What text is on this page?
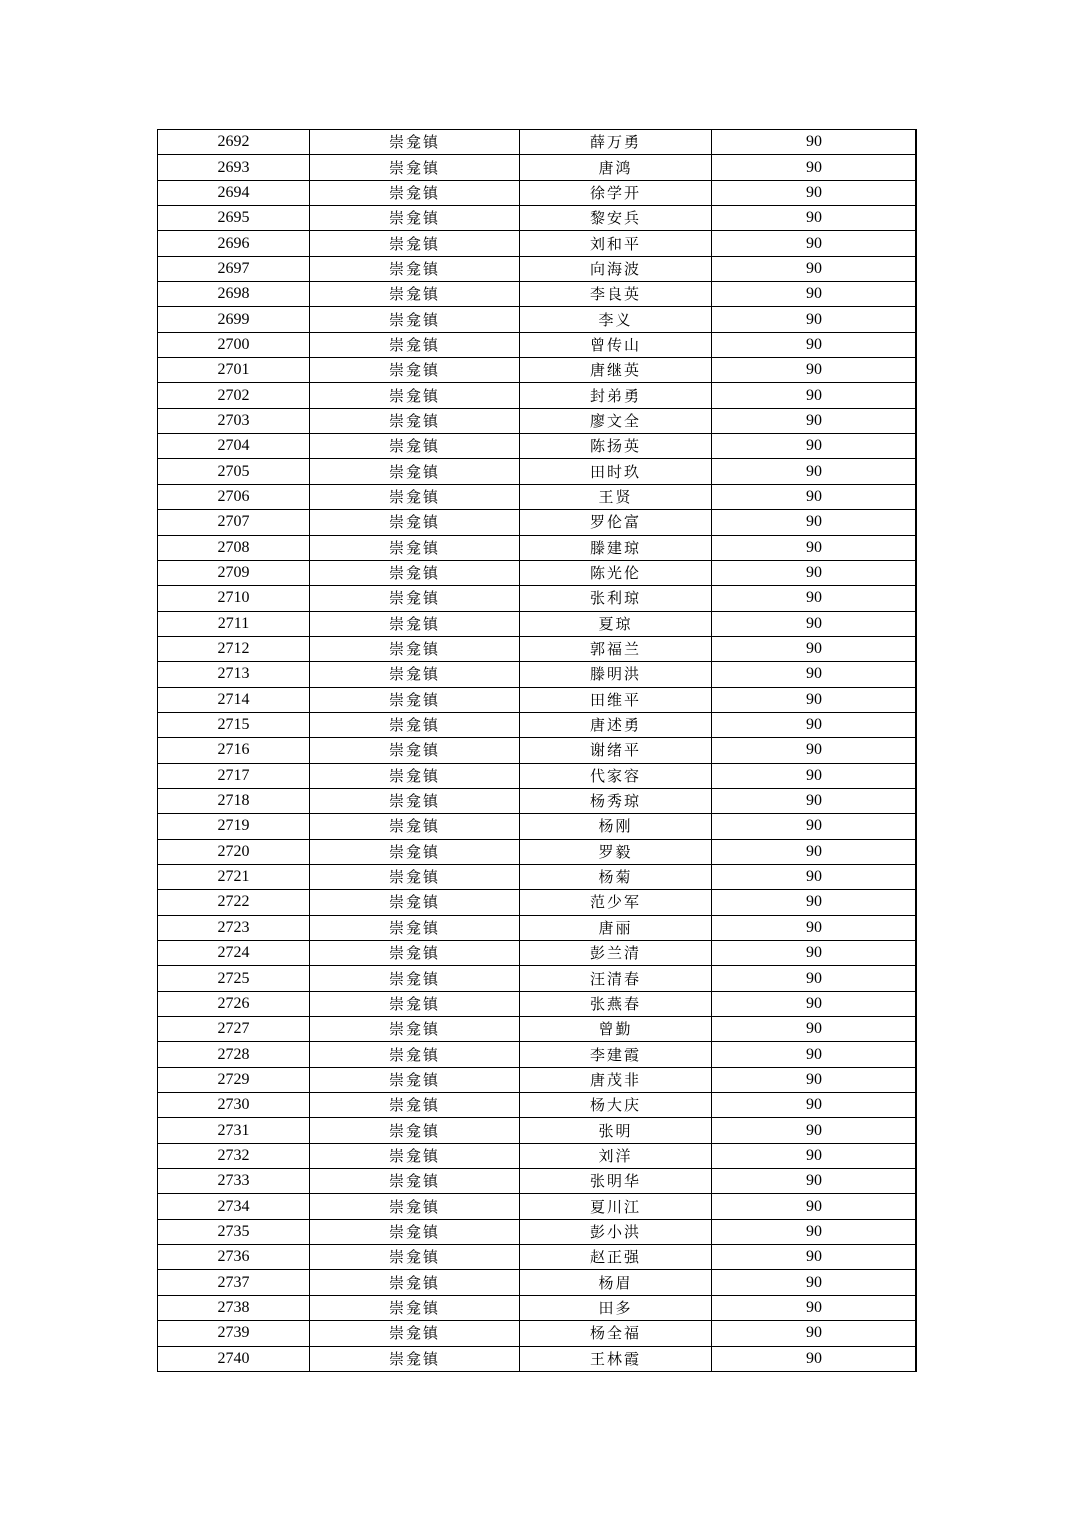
2692	崇龛镇	薛万勇	90
2693	崇龛镇	唐鸿	90
2694	崇龛镇	徐学开	90
2695	崇龛镇	黎安兵	90
2696	崇龛镇	刘和平	90
2697	崇龛镇	向海波	90
2698	崇龛镇	李良英	90
2699	崇龛镇	李义	90
2700	崇龛镇	曾传山	90
2701	崇龛镇	唐继英	90
2702	崇龛镇	封弟勇	90
2703	崇龛镇	廖文全	90
2704	崇龛镇	陈扬英	90
2705	崇龛镇	田时玖	90
2706	崇龛镇	王贤	90
2707	崇龛镇	罗伦富	90
2708	崇龛镇	滕建琼	90
2709	崇龛镇	陈光伦	90
2710	崇龛镇	张利琼	90
2711	崇龛镇	夏琼	90
2712	崇龛镇	郭福兰	90
2713	崇龛镇	滕明洪	90
2714	崇龛镇	田维平	90
2715	崇龛镇	唐述勇	90
2716	崇龛镇	谢绪平	90
2717	崇龛镇	代家容	90
2718	崇龛镇	杨秀琼	90
2719	崇龛镇	杨刚	90
2720	崇龛镇	罗毅	90
2721	崇龛镇	杨菊	90
2722	崇龛镇	范少军	90
2723	崇龛镇	唐丽	90
2724	崇龛镇	彭兰清	90
2725	崇龛镇	汪清春	90
2726	崇龛镇	张燕春	90
2727	崇龛镇	曾勤	90
2728	崇龛镇	李建霞	90
2729	崇龛镇	唐茂非	90
2730	崇龛镇	杨大庆	90
2731	崇龛镇	张明	90
2732	崇龛镇	刘洋	90
2733	崇龛镇	张明华	90
2734	崇龛镇	夏川江	90
2735	崇龛镇	彭小洪	90
2736	崇龛镇	赵正强	90
2737	崇龛镇	杨眉	90
2738	崇龛镇	田多	90
2739	崇龛镇	杨全福	90
2740	崇龛镇	王林霞	90
